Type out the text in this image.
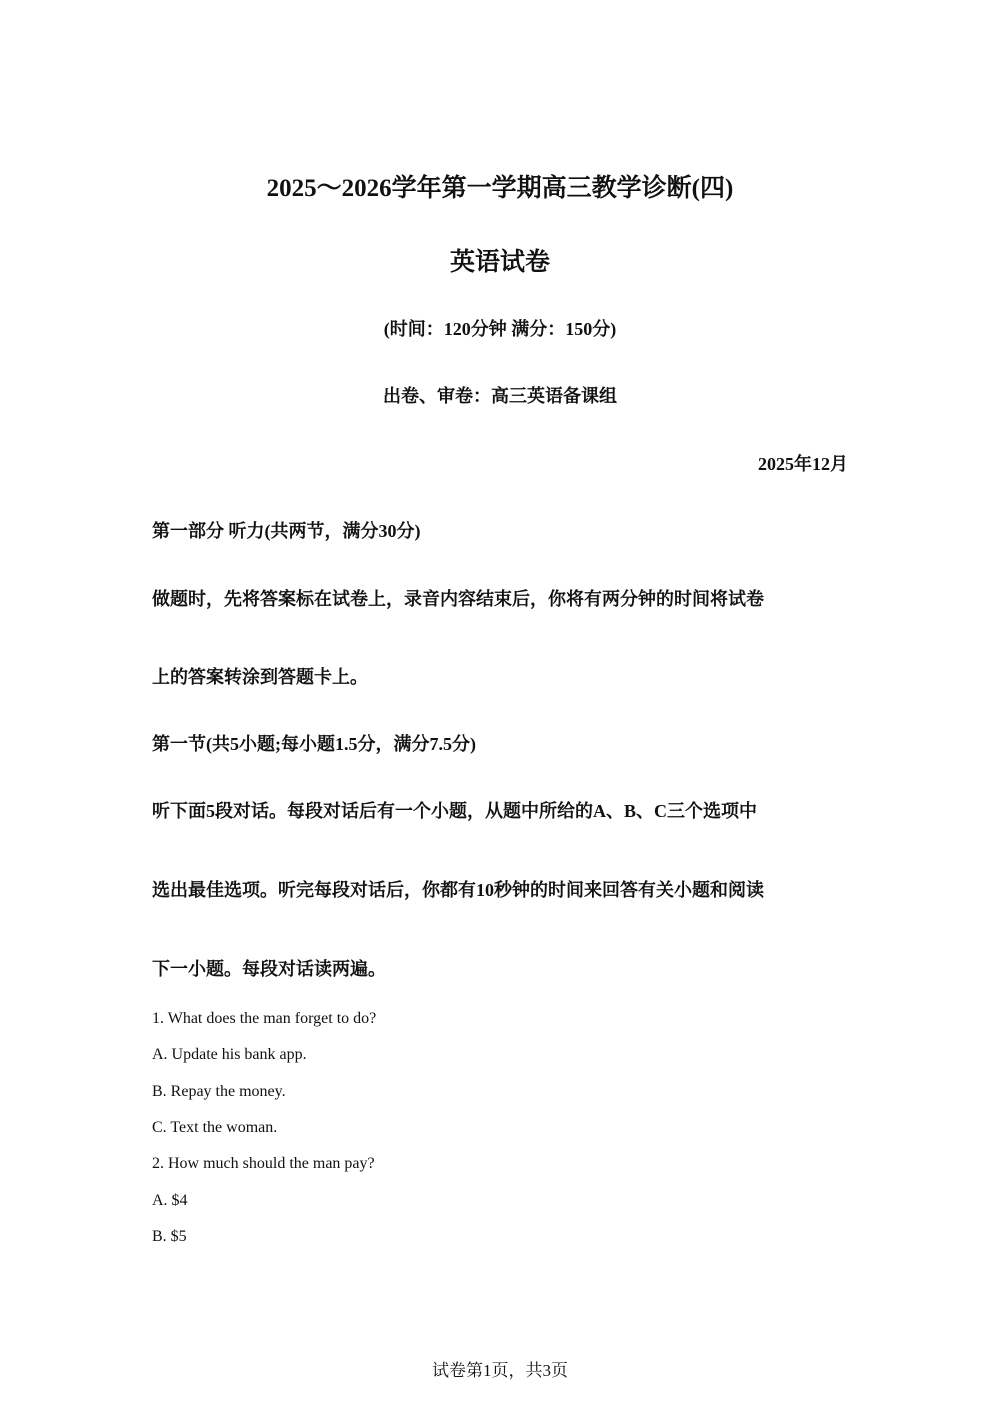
2025～2026学年第一学期高三教学诊断(四)
英语试卷
(时间：120分钟 满分：150分)
出卷、审卷：高三英语备课组
2025年12月
第一部分 听力(共两节，满分30分)
做题时，先将答案标在试卷上，录音内容结束后，你将有两分钟的时间将试卷
上的答案转涂到答题卡上。
第一节(共5小题;每小题1.5分，满分7.5分)
听下面5段对话。每段对话后有一个小题，从题中所给的A、B、C三个选项中
选出最佳选项。听完每段对话后，你都有10秒钟的时间来回答有关小题和阅读
下一小题。每段对话读两遍。
1. What does the man forget to do?
A. Update his bank app.
B. Repay the money.
C. Text the woman.
2. How much should the man pay?
A. $4
B. $5
试卷第1页，共3页
